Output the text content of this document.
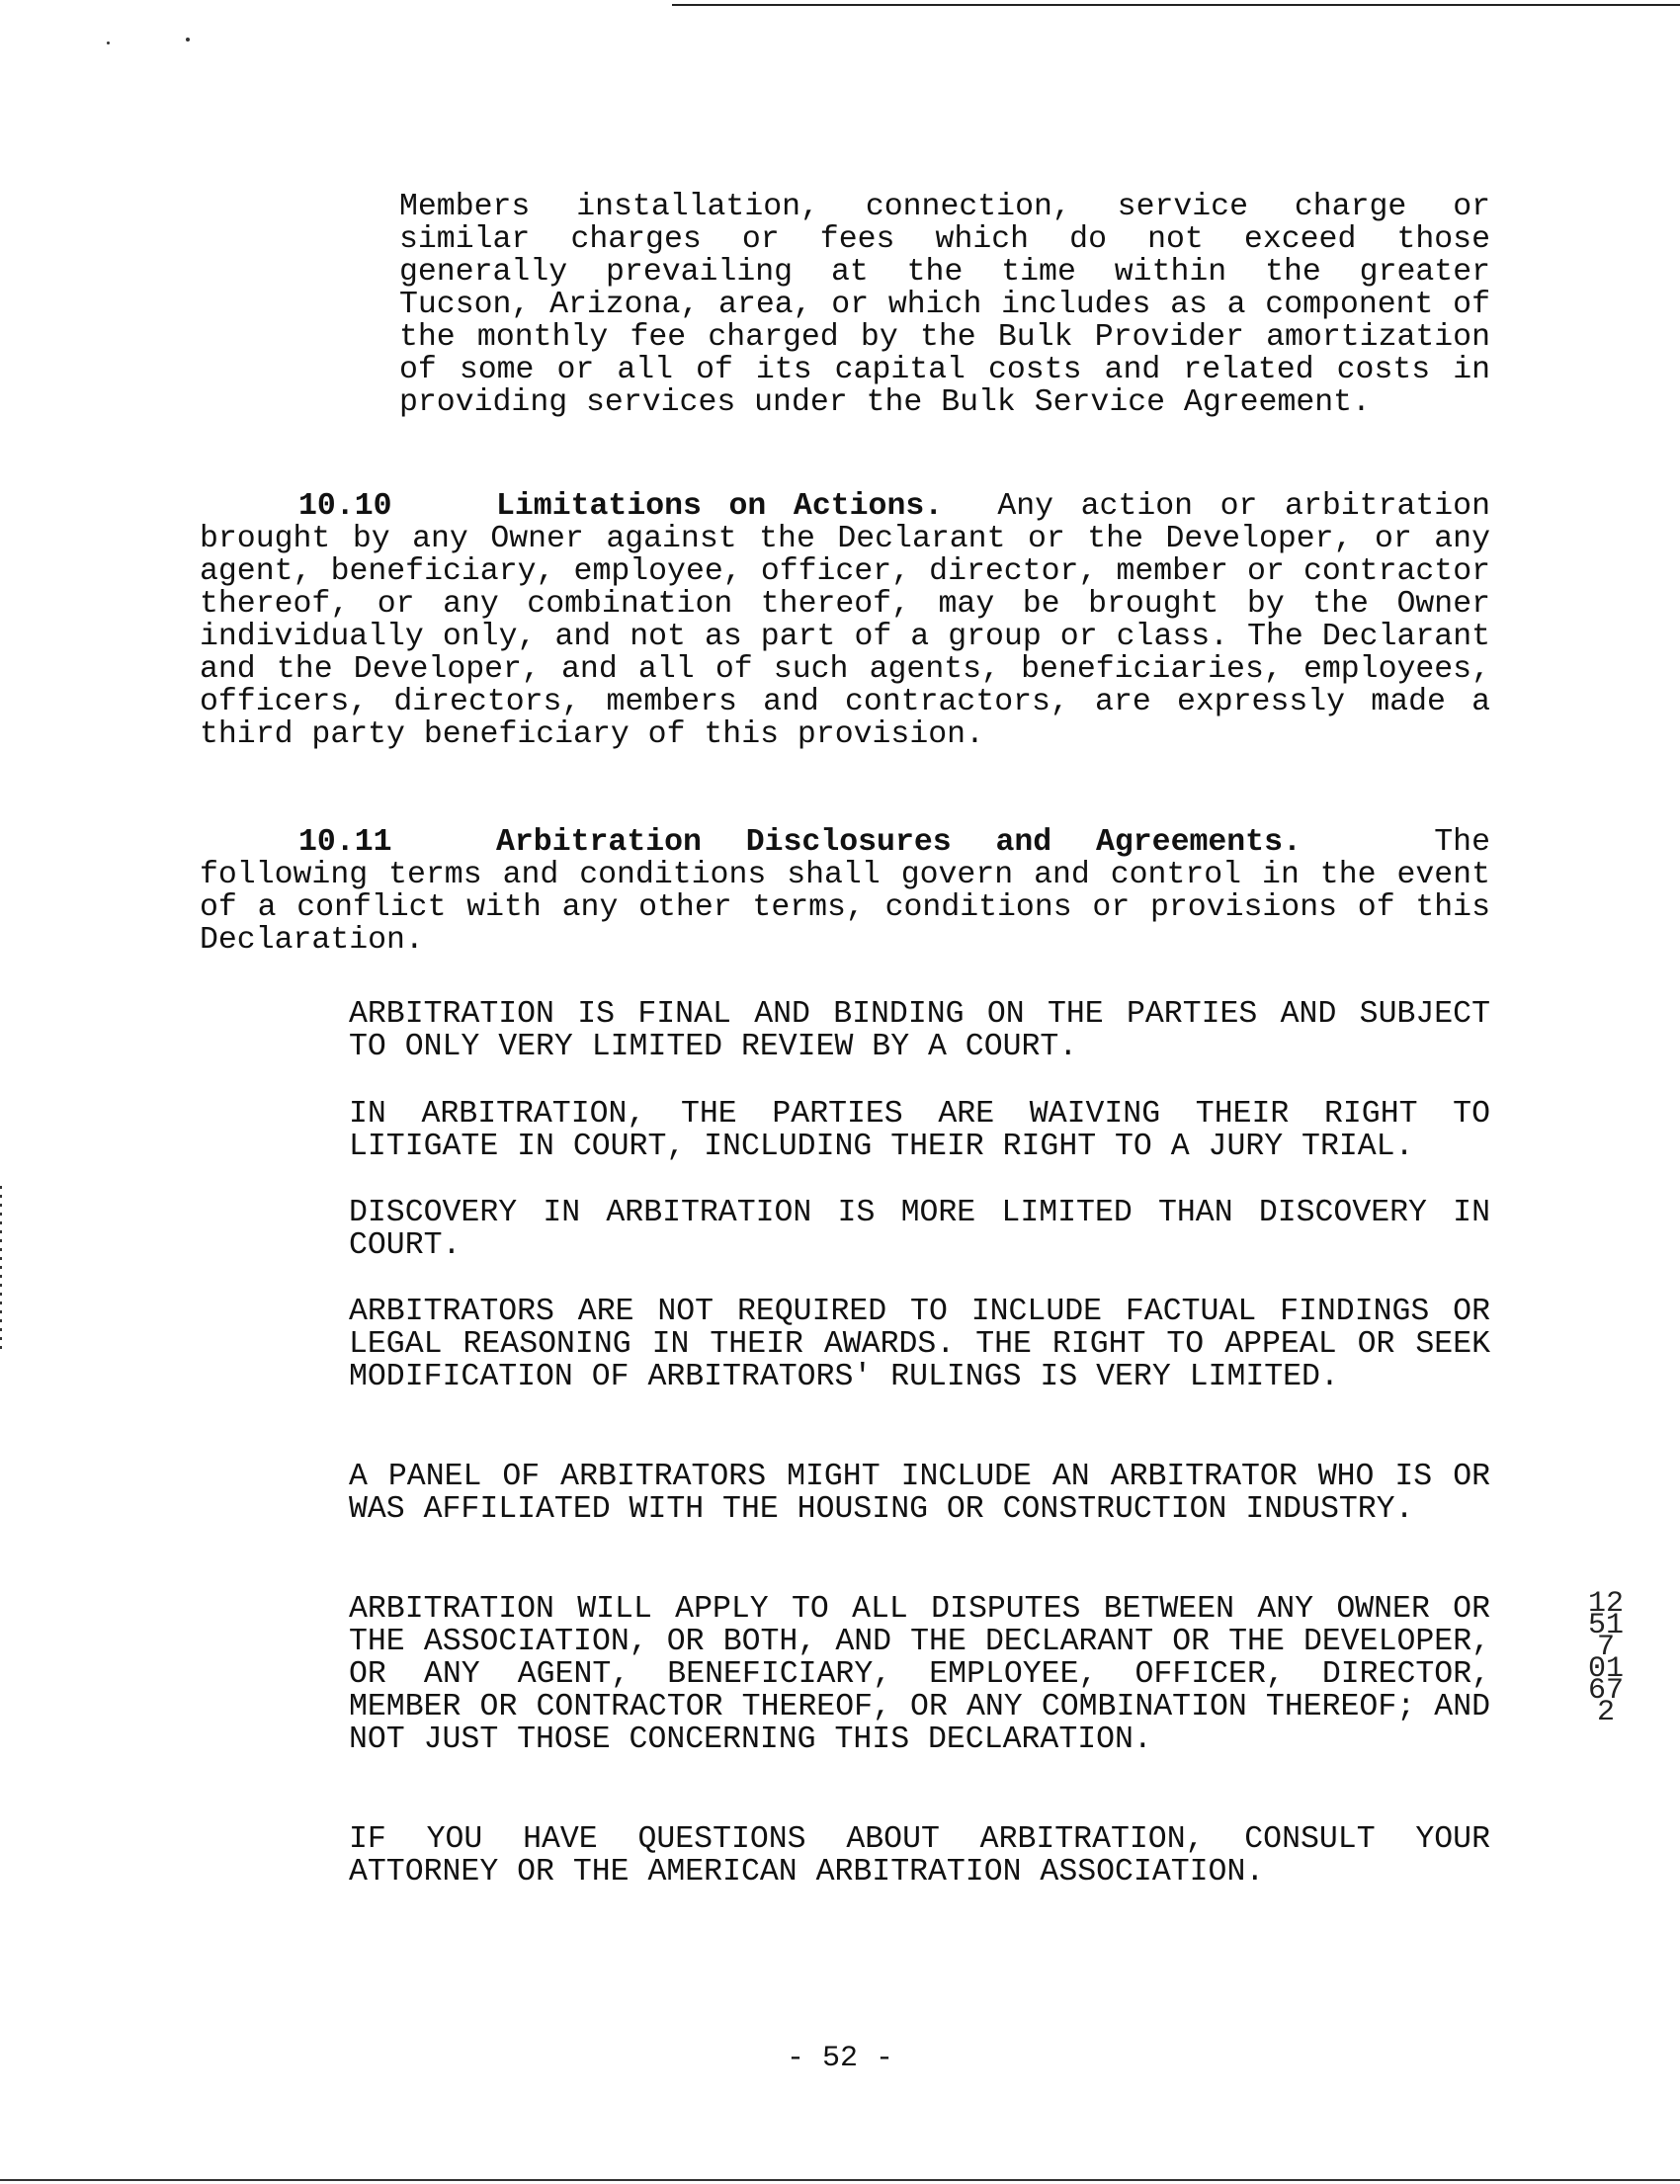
Members installation, connection, service charge or similar charges or fees which do not exceed those generally prevailing at the time within the greater Tucson, Arizona, area, or which includes as a component of the monthly fee charged by the Bulk Provider amortization of some or all of its capital costs and related costs in providing services under the Bulk Service Agreement.
10.10	Limitations on Actions. Any action or arbitration brought by any Owner against the Declarant or the Developer, or any agent, beneficiary, employee, officer, director, member or contractor thereof, or any combination thereof, may be brought by the Owner individually only, and not as part of a group or class. The Declarant and the Developer, and all of such agents, beneficiaries, employees, officers, directors, members and contractors, are expressly made a third party beneficiary of this provision.
10.11	Arbitration Disclosures and Agreements.	The following terms and conditions shall govern and control in the event of a conflict with any other terms, conditions or provisions of this Declaration.
ARBITRATION IS FINAL AND BINDING ON THE PARTIES AND SUBJECT TO ONLY VERY LIMITED REVIEW BY A COURT.
IN ARBITRATION, THE PARTIES ARE WAIVING THEIR RIGHT TO LITIGATE IN COURT, INCLUDING THEIR RIGHT TO A JURY TRIAL.
DISCOVERY IN ARBITRATION IS MORE LIMITED THAN DISCOVERY IN COURT.
ARBITRATORS ARE NOT REQUIRED TO INCLUDE FACTUAL FINDINGS OR LEGAL REASONING IN THEIR AWARDS. THE RIGHT TO APPEAL OR SEEK MODIFICATION OF ARBITRATORS' RULINGS IS VERY LIMITED.
A PANEL OF ARBITRATORS MIGHT INCLUDE AN ARBITRATOR WHO IS OR WAS AFFILIATED WITH THE HOUSING OR CONSTRUCTION INDUSTRY.
ARBITRATION WILL APPLY TO ALL DISPUTES BETWEEN ANY OWNER OR THE ASSOCIATION, OR BOTH, AND THE DECLARANT OR THE DEVELOPER, OR ANY AGENT, BENEFICIARY, EMPLOYEE, OFFICER, DIRECTOR, MEMBER OR CONTRACTOR THEREOF, OR ANY COMBINATION THEREOF; AND NOT JUST THOSE CONCERNING THIS DECLARATION.
IF YOU HAVE QUESTIONS ABOUT ARBITRATION, CONSULT YOUR ATTORNEY OR THE AMERICAN ARBITRATION ASSOCIATION.
12517 01672
- 52 -
